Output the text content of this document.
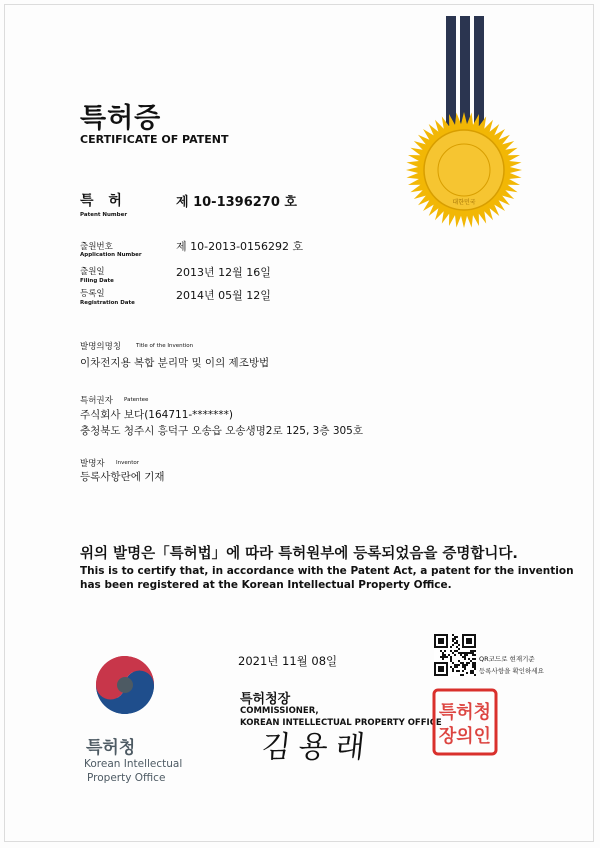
대한민국
특허증
CERTIFICATE OF PATENT
특 허
Patent Number
제 10-1396270 호
출원번호
Application Number
제 10-2013-0156292 호
출원일
Filing Date
2013년 12월 16일
등록일
Registration Date
2014년 05월 12일
발명의명칭	Title of the Invention
이차전지용 복합 분리막 및 이의 제조방법
특허권자 Patentee
주식회사 보다(164711-*******)
충청북도 청주시 흥덕구 오송읍 오송생명2로 125, 3층 305호
발명자 Inventor
등록사항란에 기재
위의 발명은「특허법」에 따라 특허원부에 등록되었음을 증명합니다.
This is to certify that, in accordance with the Patent Act, a patent for the invention
has been registered at the Korean Intellectual Property Office.
2021년 11월 08일	QR코드로 현재기준
등록사항을 확인하세요
특허청장
COMMISSIONER,
KOREAN INTELLECTUAL PROPERTY OFFICE
김용래
특허청
장의인
특허청
Korean Intellectual
Property Office
